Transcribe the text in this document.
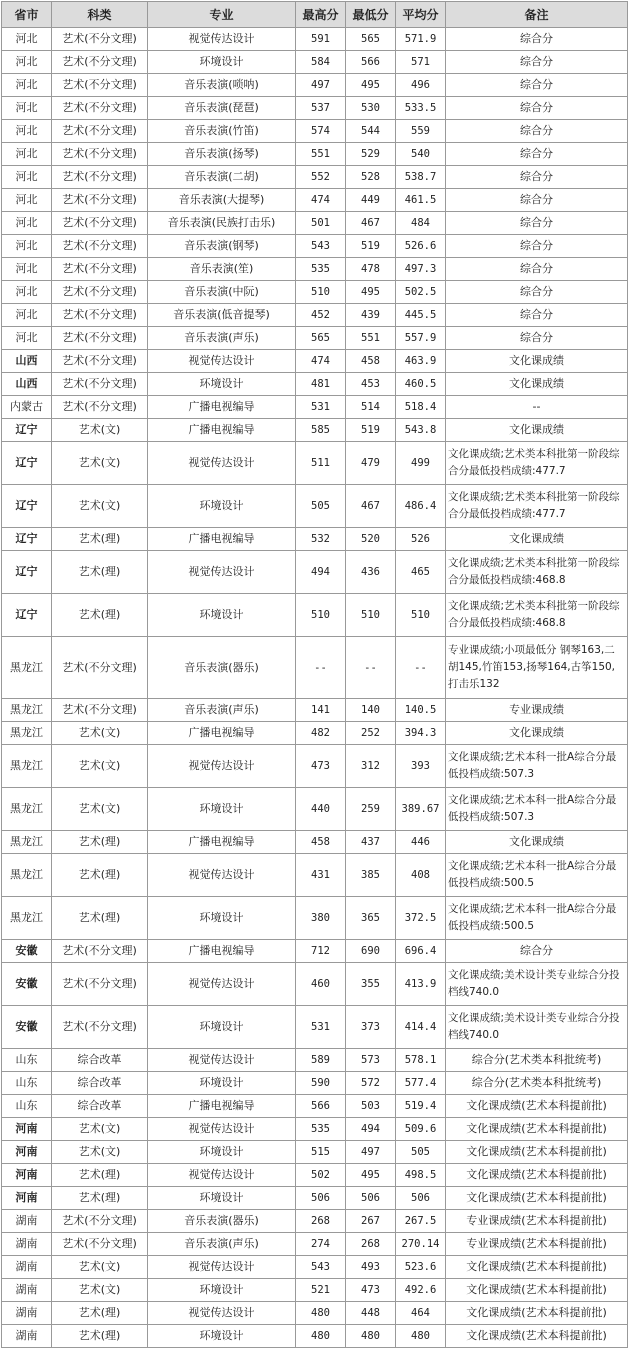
省市	科类	专业	最高分	最低分	平均分	备注
河北	艺术(不分文理)	视觉传达设计	591	565	571.9	综合分
河北	艺术(不分文理)	环境设计	584	566	571	综合分
河北	艺术(不分文理)	音乐表演(唢呐)	497	495	496	综合分
河北	艺术(不分文理)	音乐表演(琵琶)	537	530	533.5	综合分
河北	艺术(不分文理)	音乐表演(竹笛)	574	544	559	综合分
河北	艺术(不分文理)	音乐表演(扬琴)	551	529	540	综合分
河北	艺术(不分文理)	音乐表演(二胡)	552	528	538.7	综合分
河北	艺术(不分文理)	音乐表演(大提琴)	474	449	461.5	综合分
河北	艺术(不分文理)	音乐表演(民族打击乐)	501	467	484	综合分
河北	艺术(不分文理)	音乐表演(钢琴)	543	519	526.6	综合分
河北	艺术(不分文理)	音乐表演(笙)	535	478	497.3	综合分
河北	艺术(不分文理)	音乐表演(中阮)	510	495	502.5	综合分
河北	艺术(不分文理)	音乐表演(低音提琴)	452	439	445.5	综合分
河北	艺术(不分文理)	音乐表演(声乐)	565	551	557.9	综合分
山西	艺术(不分文理)	视觉传达设计	474	458	463.9	文化课成绩
山西	艺术(不分文理)	环境设计	481	453	460.5	文化课成绩
内蒙古	艺术(不分文理)	广播电视编导	531	514	518.4	--
辽宁	艺术(文)	广播电视编导	585	519	543.8	文化课成绩
辽宁	艺术(文)	视觉传达设计	511	479	499	文化课成绩;艺术类本科批第一阶段综合分最低投档成绩:477.7
辽宁	艺术(文)	环境设计	505	467	486.4	文化课成绩;艺术类本科批第一阶段综合分最低投档成绩:477.7
辽宁	艺术(理)	广播电视编导	532	520	526	文化课成绩
辽宁	艺术(理)	视觉传达设计	494	436	465	文化课成绩;艺术类本科批第一阶段综合分最低投档成绩:468.8
辽宁	艺术(理)	环境设计	510	510	510	文化课成绩;艺术类本科批第一阶段综合分最低投档成绩:468.8
黑龙江	艺术(不分文理)	音乐表演(器乐)	--	--	--	专业课成绩;小项最低分 钢琴163,二胡145,竹笛153,扬琴164,古筝150,打击乐132
黑龙江	艺术(不分文理)	音乐表演(声乐)	141	140	140.5	专业课成绩
黑龙江	艺术(文)	广播电视编导	482	252	394.3	文化课成绩
黑龙江	艺术(文)	视觉传达设计	473	312	393	文化课成绩;艺术本科一批A综合分最低投档成绩:507.3
黑龙江	艺术(文)	环境设计	440	259	389.67	文化课成绩;艺术本科一批A综合分最低投档成绩:507.3
黑龙江	艺术(理)	广播电视编导	458	437	446	文化课成绩
黑龙江	艺术(理)	视觉传达设计	431	385	408	文化课成绩;艺术本科一批A综合分最低投档成绩:500.5
黑龙江	艺术(理)	环境设计	380	365	372.5	文化课成绩;艺术本科一批A综合分最低投档成绩:500.5
安徽	艺术(不分文理)	广播电视编导	712	690	696.4	综合分
安徽	艺术(不分文理)	视觉传达设计	460	355	413.9	文化课成绩;美术设计类专业综合分投档线740.0
安徽	艺术(不分文理)	环境设计	531	373	414.4	文化课成绩;美术设计类专业综合分投档线740.0
山东	综合改革	视觉传达设计	589	573	578.1	综合分(艺术类本科批统考)
山东	综合改革	环境设计	590	572	577.4	综合分(艺术类本科批统考)
山东	综合改革	广播电视编导	566	503	519.4	文化课成绩(艺术本科提前批)
河南	艺术(文)	视觉传达设计	535	494	509.6	文化课成绩(艺术本科提前批)
河南	艺术(文)	环境设计	515	497	505	文化课成绩(艺术本科提前批)
河南	艺术(理)	视觉传达设计	502	495	498.5	文化课成绩(艺术本科提前批)
河南	艺术(理)	环境设计	506	506	506	文化课成绩(艺术本科提前批)
湖南	艺术(不分文理)	音乐表演(器乐)	268	267	267.5	专业课成绩(艺术本科提前批)
湖南	艺术(不分文理)	音乐表演(声乐)	274	268	270.14	专业课成绩(艺术本科提前批)
湖南	艺术(文)	视觉传达设计	543	493	523.6	文化课成绩(艺术本科提前批)
湖南	艺术(文)	环境设计	521	473	492.6	文化课成绩(艺术本科提前批)
湖南	艺术(理)	视觉传达设计	480	448	464	文化课成绩(艺术本科提前批)
湖南	艺术(理)	环境设计	480	480	480	文化课成绩(艺术本科提前批)
